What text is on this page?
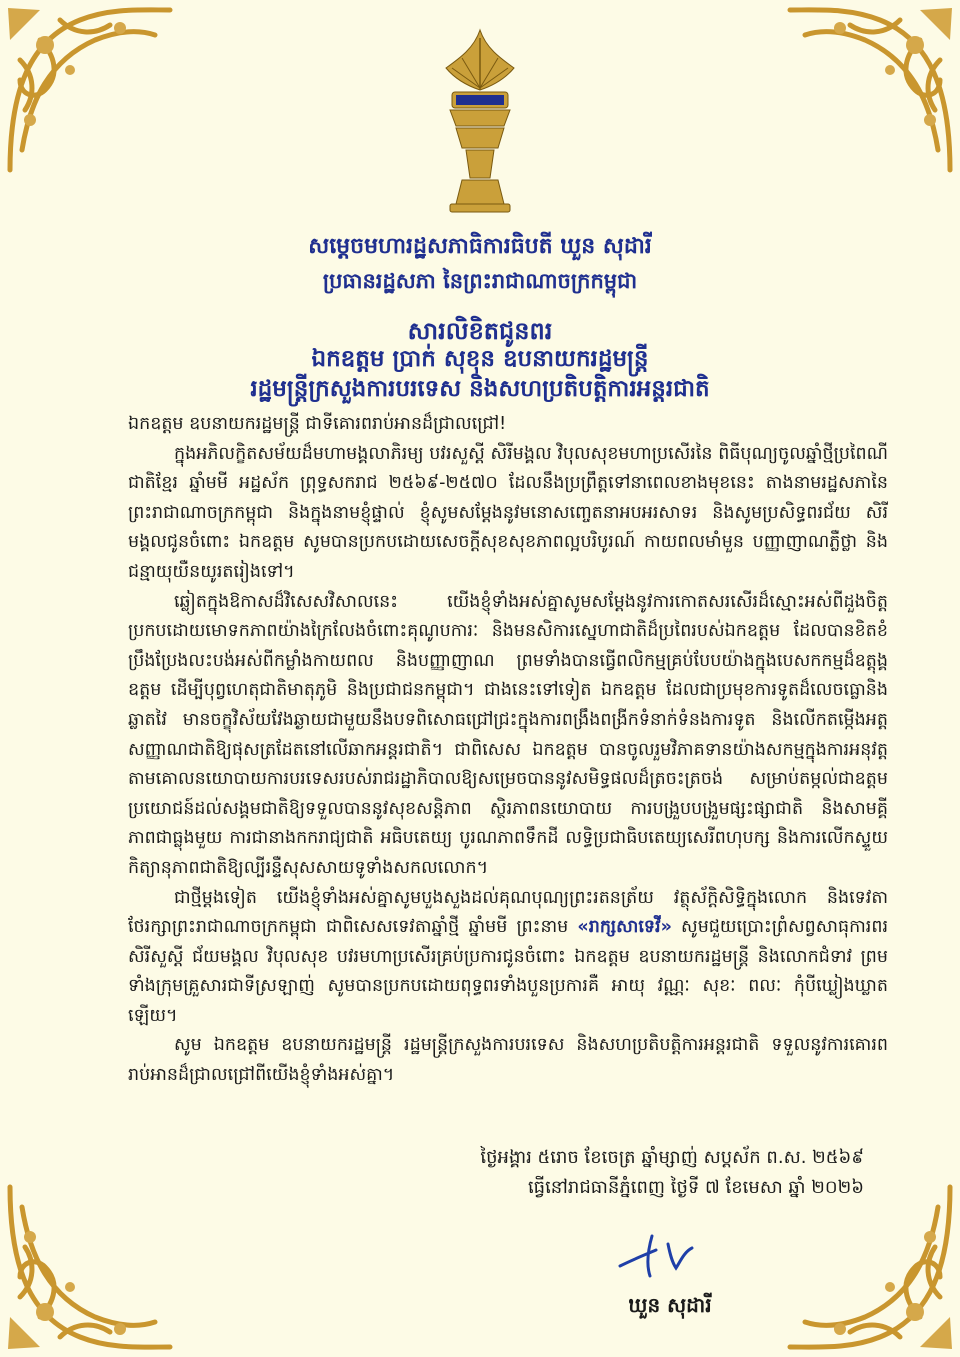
សម្តេចមហារដ្ឋសភាធិការធិបតី ឃួន សុដារី
ប្រធានរដ្ឋសភា នៃព្រះរាជាណាចក្រកម្ពុជា
សារលិខិតជូនពរ
ឯកឧត្តម ប្រាក់ សុខុន ឧបនាយករដ្ឋមន្ត្រី
រដ្ឋមន្ត្រីក្រសួងការបរទេស និងសហប្រតិបត្តិការអន្តរជាតិ

ឯកឧត្តម ឧបនាយករដ្ឋមន្ត្រី ជាទីគោរពរាប់អានដ៏ជ្រាលជ្រៅ!

ក្នុងអភិលក្ខិតសម័យដ៏មហាមង្គលាភិរម្យ បវរសួស្តី សិរីមង្គល វិបុលសុខមហាប្រសើរនៃ ពិធីបុណ្យចូលឆ្នាំថ្មីប្រពៃណីជាតិខ្មែរ ឆ្នាំមមី អដ្ឋស័ក ព្រុទ្ធសករាជ ២៥៦៩-២៥៧០ ដែលនឹងប្រព្រឹត្តទៅនាពេលខាងមុខនេះ តាងនាមរដ្ឋសភានៃព្រះរាជាណាចក្រកម្ពុជា និងក្នុងនាមខ្ញុំផ្ទាល់ ខ្ញុំសូមសម្តែងនូវមនោសញ្ចេតនាអបអរសាទរ និងសូមប្រសិទ្ធពរជ័យ សិរីមង្គលជូនចំពោះ ឯកឧត្តម សូមបានប្រកបដោយសេចក្តីសុខសុខភាពល្អបរិបូរណ៍ កាយពលមាំមួន បញ្ញាញាណភ្លឺថ្លា និងជន្មាយុយឺនយូរតរៀងទៅ។

ឆ្លៀតក្នុងឱកាសដ៏វិសេសវិសាលនេះ យើងខ្ញុំទាំងអស់គ្នាសូមសម្តែងនូវការកោតសរសើរដ៏ស្មោះអស់ពីដួងចិត្តប្រកបដោយមោទកភាពយ៉ាងក្រៃលែងចំពោះគុណូបការៈ និងមនសិការស្នេហាជាតិដ៏ប្រពៃរបស់ឯកឧត្តម ដែលបានខិតខំប្រឹងប្រែងលះបង់អស់ពីកម្លាំងកាយពល និងបញ្ញាញាណ ព្រមទាំងបានធ្វើពលិកម្មគ្រប់បែបយ៉ាងក្នុងបេសកកម្មដ៏ឧត្តុង្គឧត្តម ដើម្បីបុព្វហេតុជាតិមាតុភូមិ និងប្រជាជនកម្ពុជា។ ជាងនេះទៅទៀត ឯកឧត្តម ដែលជាប្រមុខការទូតដ៏លេចធ្លោនិងឆ្លាតវៃ មានចក្ខុវិស័យវែងឆ្ងាយជាមួយនឹងបទពិសោធជ្រៅជ្រះក្នុងការពង្រឹងពង្រីកទំនាក់ទំនងការទូត និងលើកតម្កើងអត្តសញ្ញាណជាតិឱ្យផុសត្រដែតនៅលើឆាកអន្តរជាតិ។ ជាពិសេស ឯកឧត្តម បានចូលរួមវិភាគទានយ៉ាងសកម្មក្នុងការអនុវត្តតាមគោលនយោបាយការបរទេសរបស់រាជរដ្ឋាភិបាលឱ្យសម្រេចបាននូវសមិទ្ធផលដ៏ត្រចះត្រចង់ សម្រាប់តម្កល់ជាឧត្តមប្រយោជន៍ដល់សង្គមជាតិឱ្យទទួលបាននូវសុខសន្តិភាព ស្ថិរភាពនយោបាយ ការបង្រួបបង្រួមផ្សះផ្សាជាតិ និងសាមគ្គីភាពជាធ្លុងមួយ ការជានាងកករាជ្យជាតិ អធិបតេយ្យ បូរណភាពទឹកដី លទ្ធិប្រជាធិបតេយ្យសេរីពហុបក្ស និងការលើកស្ទួយកិត្យានុភាពជាតិឱ្យល្បីរន្ទឺសុសសាយទូទាំងសកលលោក។

ជាថ្មីម្តងទៀត យើងខ្ញុំទាំងអស់គ្នាសូមបួងសួងដល់គុណបុណ្យព្រះរតនត្រ័យ វត្ថុស័ក្តិសិទ្ធិក្នុងលោក និងទេវតាថែរក្សាព្រះរាជាណាចក្រកម្ពុជា ជាពិសេសទេវតាឆ្នាំថ្មី ឆ្នាំមមី ព្រះនាម «រាក្សសាទេវី» សូមជួយប្រោះព្រំសព្វសាធុការពរ សិរីសួស្តី ជ័យមង្គល វិបុលសុខ បវរមហាប្រសើរគ្រប់ប្រការជូនចំពោះ ឯកឧត្តម ឧបនាយករដ្ឋមន្ត្រី និងលោកជំទាវ ព្រមទាំងក្រុមគ្រួសារជាទីស្រឡាញ់ សូមបានប្រកបដោយពុទ្ធពរទាំងបួនប្រការគឺ អាយុ វណ្ណៈ សុខៈ ពលៈ កុំបីឃ្លៀងឃ្លាតឡើយ។

សូម ឯកឧត្តម ឧបនាយករដ្ឋមន្ត្រី រដ្ឋមន្ត្រីក្រសួងការបរទេស និងសហប្រតិបត្តិការអន្តរជាតិ ទទួលនូវការគោរពរាប់អានដ៏ជ្រាលជ្រៅពីយើងខ្ញុំទាំងអស់គ្នា។

ថ្ងៃអង្គារ ៥រោច ខែចេត្រ ឆ្នាំម្សាញ់ សប្តស័ក ព.ស. ២៥៦៩
ធ្វើនៅរាជធានីភ្នំពេញ ថ្ងៃទី ៧ ខែមេសា ឆ្នាំ ២០២៦
ឃួន សុដារី
